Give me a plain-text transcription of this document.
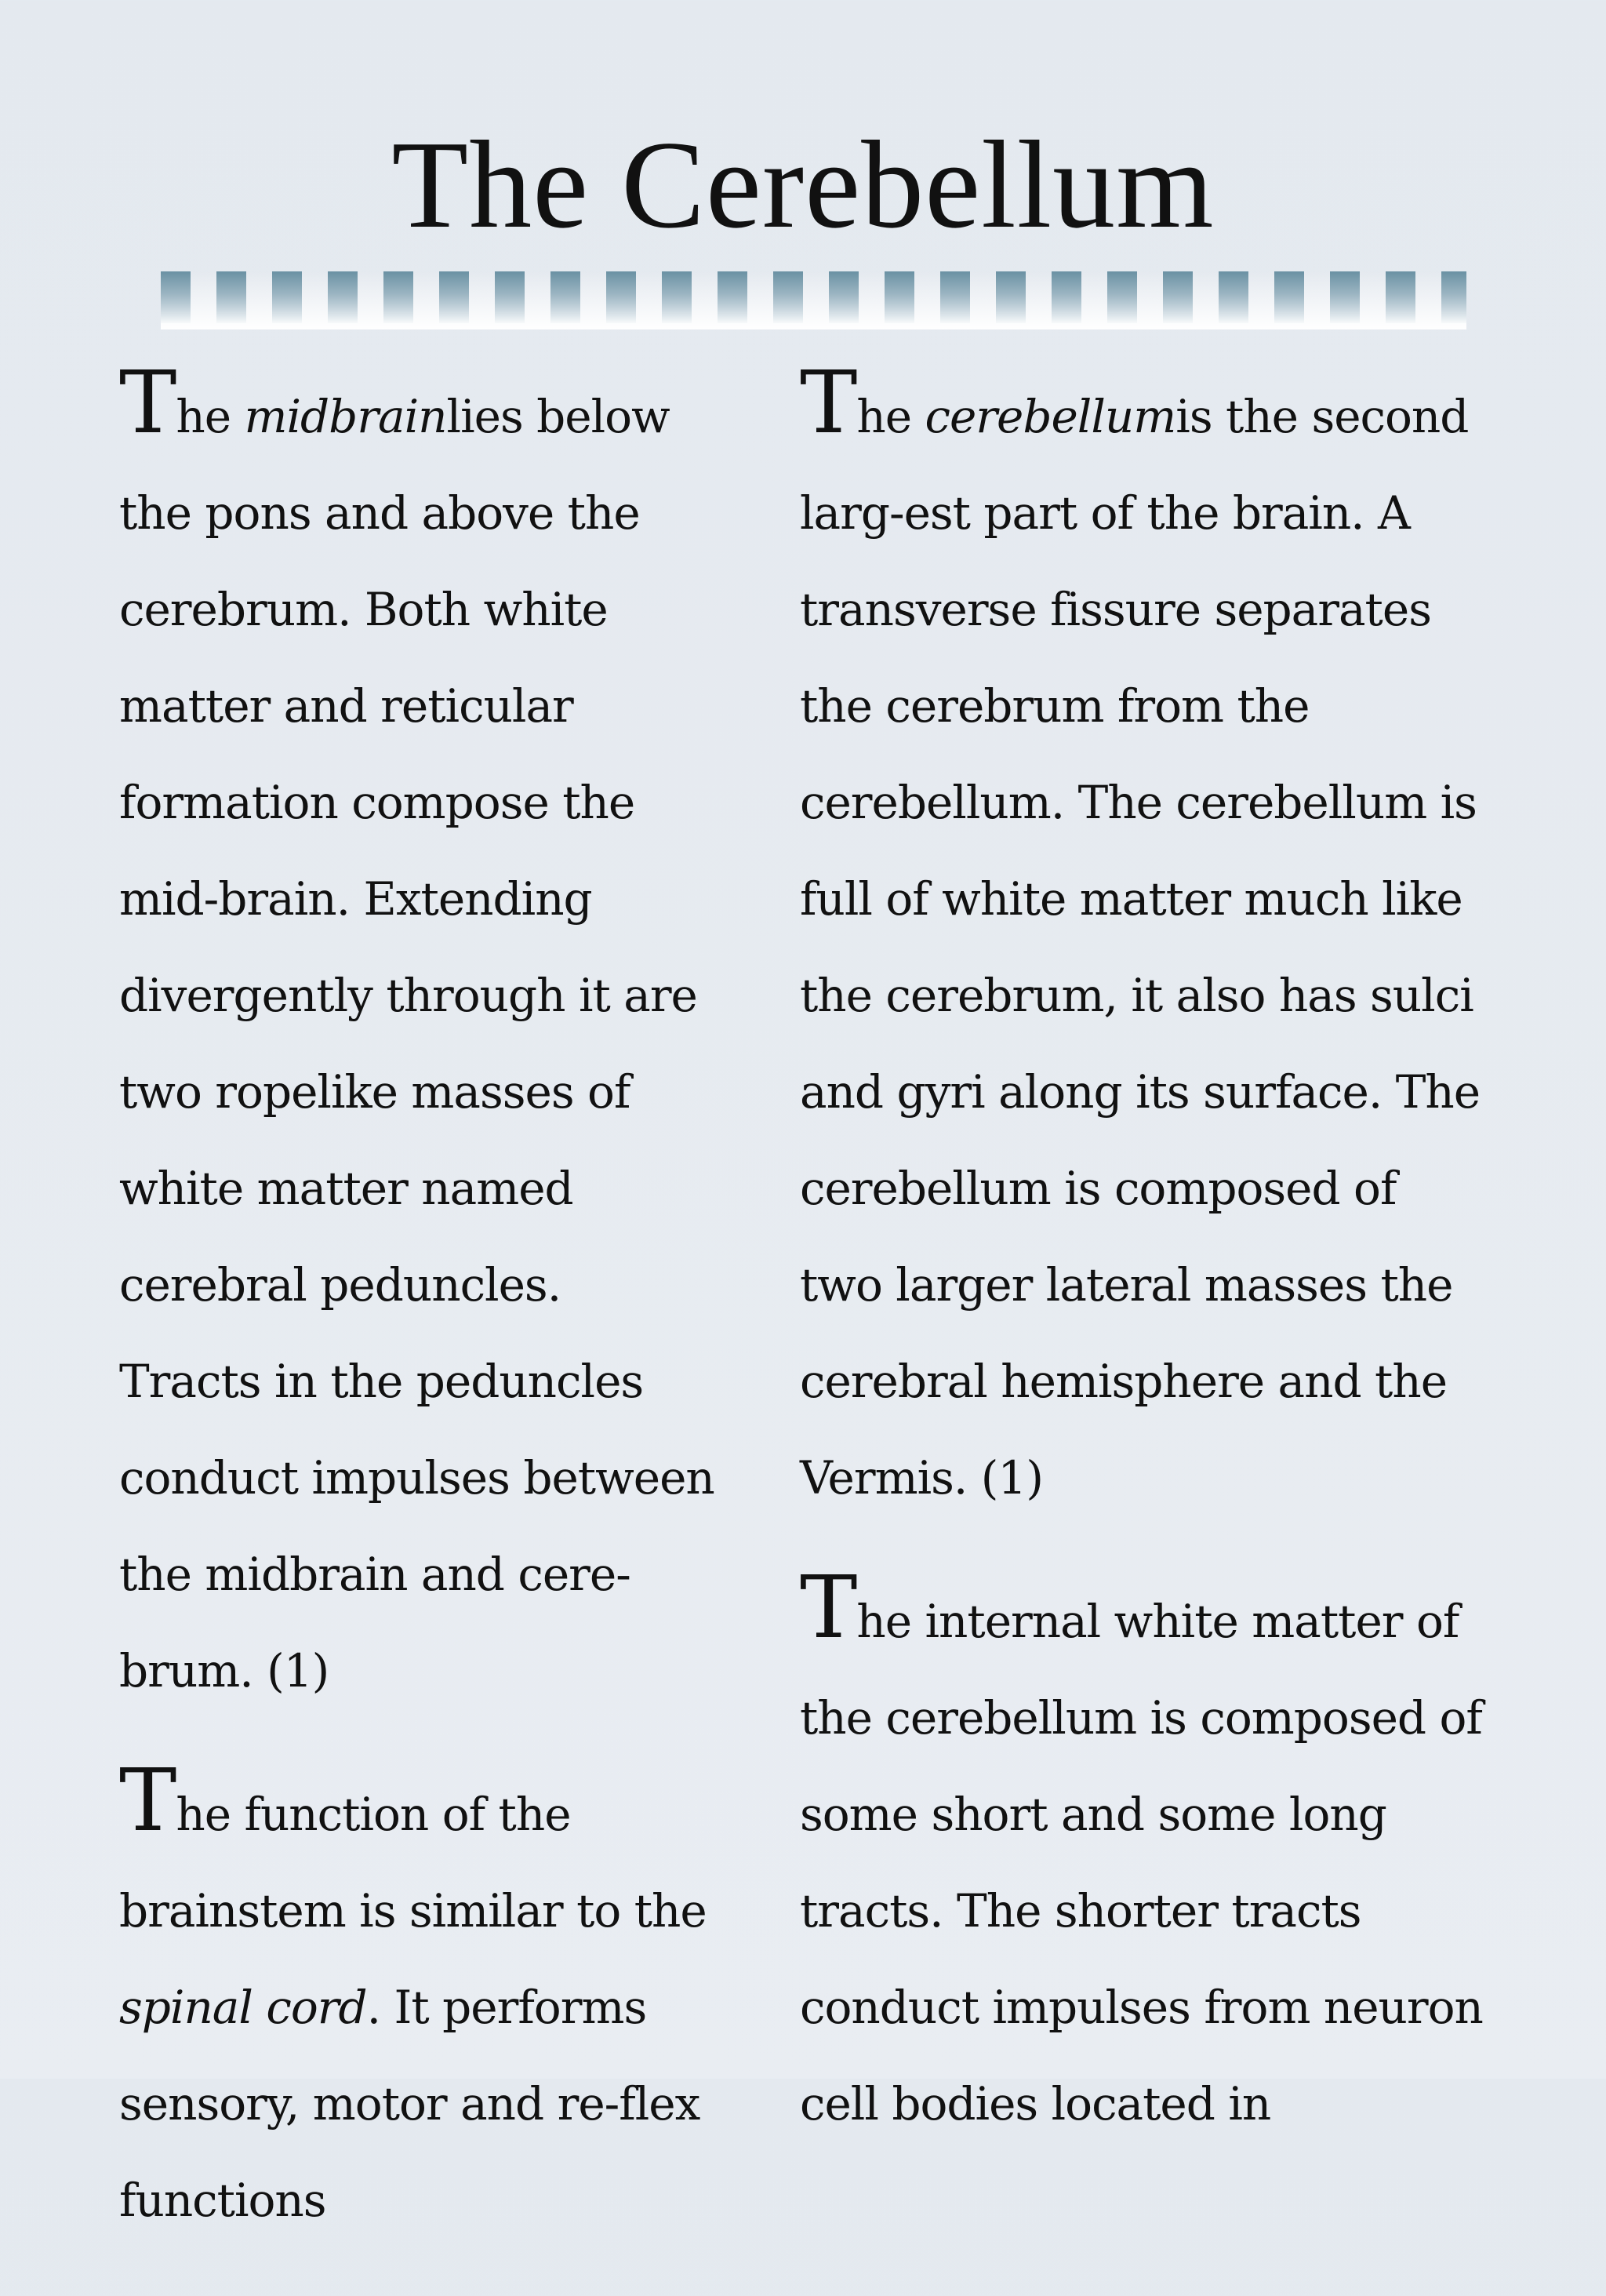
The Cerebellum

The midbrainlies below the pons and above the cerebrum. Both white matter and reticular formation compose the mid-brain. Extending divergently through it are two ropelike masses of white matter named cerebral peduncles. Tracts in the peduncles conduct impulses between the midbrain and cere-brum. (1)

The function of the brainstem is similar to the spinal cord. It performs sensory, motor and re-flex functions

The cerebellumis the second larg-est part of the brain. A transverse fissure separates the cerebrum from the cerebellum. The cerebellum is full of white matter much like the cerebrum, it also has sulci and gyri along its surface. The cerebellum is composed of two larger lateral masses the cerebral hemisphere and the Vermis. (1)

The internal white matter of the cerebellum is composed of some short and some long tracts. The shorter tracts conduct impulses from neuron cell bodies located in
